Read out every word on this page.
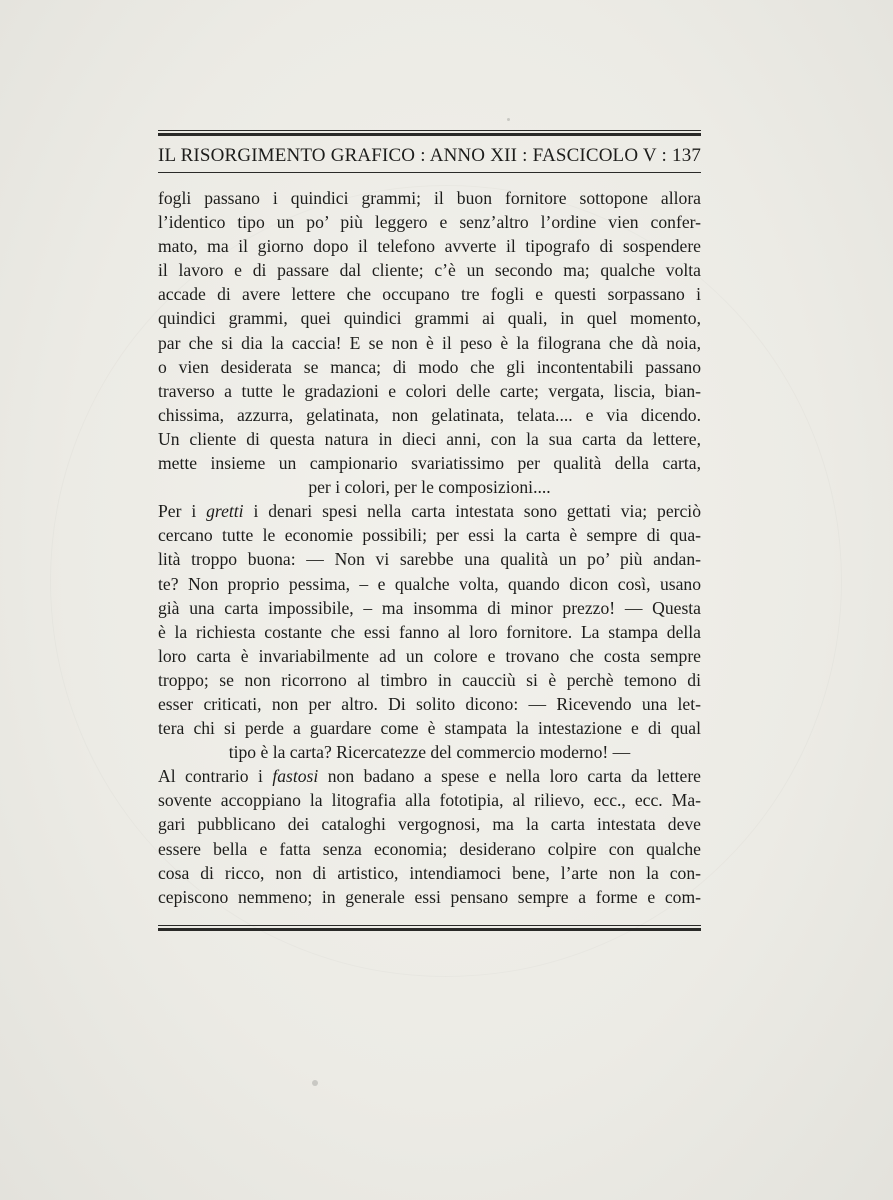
IL RISORGIMENTO GRAFICO : ANNO XII : FASCICOLO V : 137
fogli passano i quindici grammi; il buon fornitore sottopone allora
l’identico tipo un po’ più leggero e senz’altro l’ordine vien confer-
mato, ma il giorno dopo il telefono avverte il tipografo di sospendere
il lavoro e di passare dal cliente; c’è un secondo ma; qualche volta
accade di avere lettere che occupano tre fogli e questi sorpassano i
quindici grammi, quei quindici grammi ai quali, in quel momento,
par che si dia la caccia! E se non è il peso è la filograna che dà noia,
o vien desiderata se manca; di modo che gli incontentabili passano
traverso a tutte le gradazioni e colori delle carte; vergata, liscia, bian-
chissima, azzurra, gelatinata, non gelatinata, telata.... e via dicendo.
Un cliente di questa natura in dieci anni, con la sua carta da lettere,
mette insieme un campionario svariatissimo per qualità della carta,
per i colori, per le composizioni....
Per i gretti i denari spesi nella carta intestata sono gettati via; perciò
cercano tutte le economie possibili; per essi la carta è sempre di qua-
lità troppo buona: — Non vi sarebbe una qualità un po’ più andan-
te? Non proprio pessima, – e qualche volta, quando dicon così, usano
già una carta impossibile, – ma insomma di minor prezzo! — Questa
è la richiesta costante che essi fanno al loro fornitore. La stampa della
loro carta è invariabilmente ad un colore e trovano che costa sempre
troppo; se non ricorrono al timbro in caucciù si è perchè temono di
esser criticati, non per altro. Di solito dicono: — Ricevendo una let-
tera chi si perde a guardare come è stampata la intestazione e di qual
tipo è la carta? Ricercatezze del commercio moderno! —
Al contrario i fastosi non badano a spese e nella loro carta da lettere
sovente accoppiano la litografia alla fototipia, al rilievo, ecc., ecc. Ma-
gari pubblicano dei cataloghi vergognosi, ma la carta intestata deve
essere bella e fatta senza economia; desiderano colpire con qualche
cosa di ricco, non di artistico, intendiamoci bene, l’arte non la con-
cepiscono nemmeno; in generale essi pensano sempre a forme e com-
